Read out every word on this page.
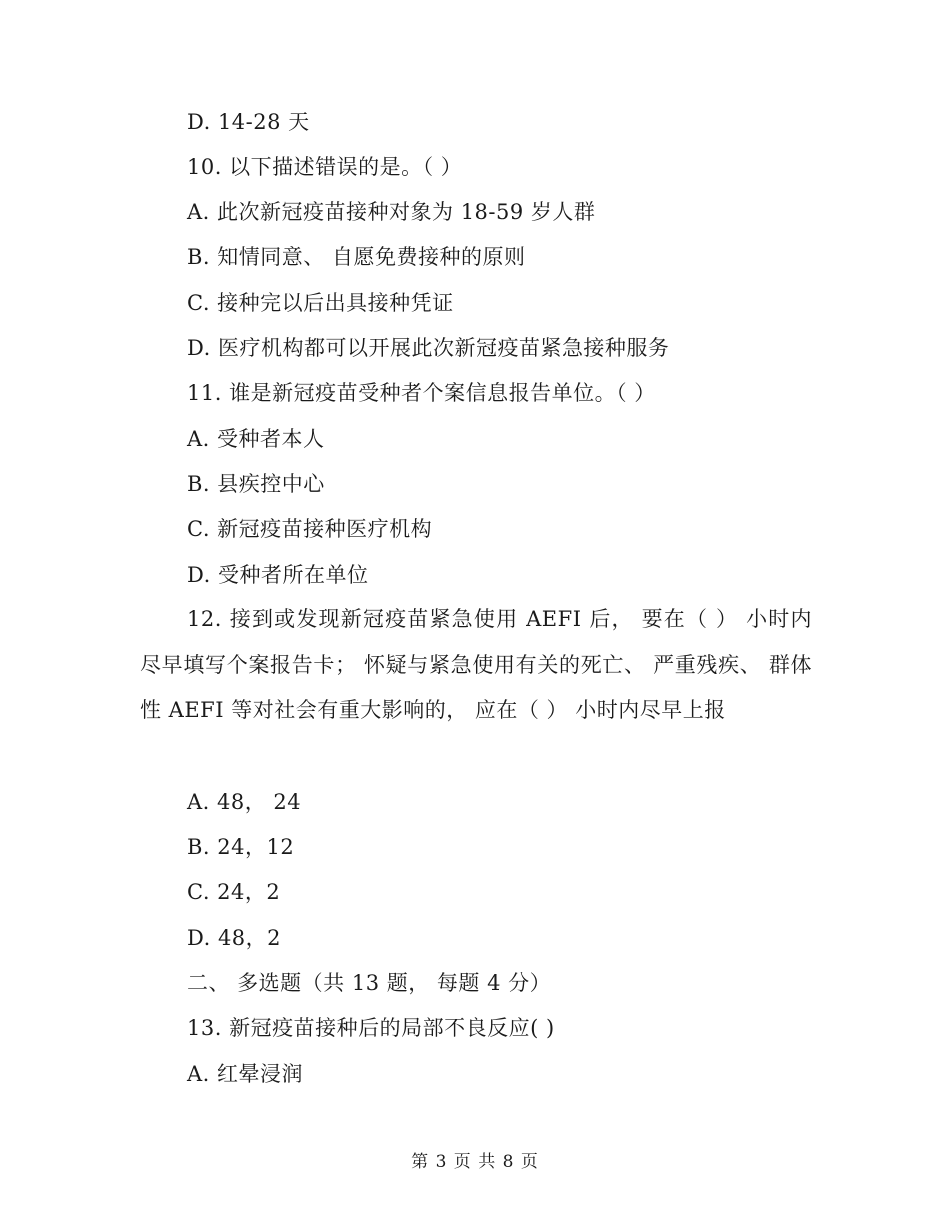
D. 14-28 天
10. 以下描述错误的是。（ ）
A. 此次新冠疫苗接种对象为 18-59 岁人群
B. 知情同意、 自愿免费接种的原则
C. 接种完以后出具接种凭证
D. 医疗机构都可以开展此次新冠疫苗紧急接种服务
11. 谁是新冠疫苗受种者个案信息报告单位。（ ）
A. 受种者本人
B. 县疾控中心
C. 新冠疫苗接种医疗机构
D. 受种者所在单位
12. 接到或发现新冠疫苗紧急使用 AEFI 后， 要在（ ） 小时内尽早填写个案报告卡； 怀疑与紧急使用有关的死亡、 严重残疾、 群体性 AEFI 等对社会有重大影响的， 应在（ ） 小时内尽早上报
A. 48， 24
B. 24，12
C. 24，2
D. 48，2
二、 多选题（共 13 题， 每题 4 分）
13. 新冠疫苗接种后的局部不良反应( )
A. 红晕浸润
第 3 页 共 8 页
